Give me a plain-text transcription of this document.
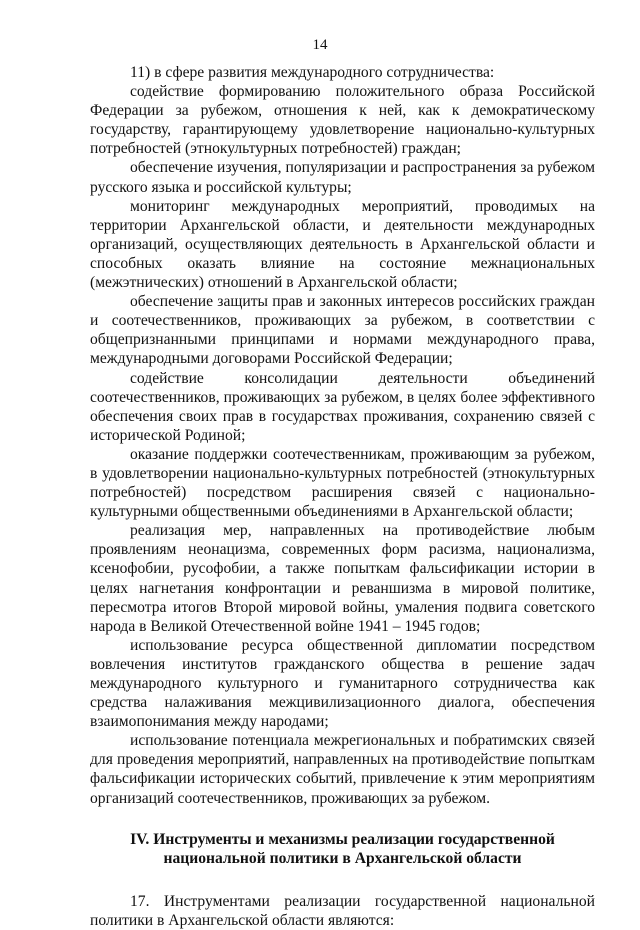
14

11) в сфере развития международного сотрудничества:

содействие формированию положительного образа Российской Федерации за рубежом, отношения к ней, как к демократическому государству, гарантирующему удовлетворение национально-культурных потребностей (этнокультурных потребностей) граждан;

обеспечение изучения, популяризации и распространения за рубежом русского языка и российской культуры;

мониторинг международных мероприятий, проводимых на территории Архангельской области, и деятельности международных организаций, осуществляющих деятельность в Архангельской области и способных оказать влияние на состояние межнациональных (межэтнических) отношений в Архангельской области;

обеспечение защиты прав и законных интересов российских граждан и соотечественников, проживающих за рубежом, в соответствии с общепризнанными принципами и нормами международного права, международными договорами Российской Федерации;

содействие консолидации деятельности объединений соотечественников, проживающих за рубежом, в целях более эффективного обеспечения своих прав в государствах проживания, сохранению связей с исторической Родиной;

оказание поддержки соотечественникам, проживающим за рубежом, в удовлетворении национально-культурных потребностей (этнокультурных потребностей) посредством расширения связей с национально-культурными общественными объединениями в Архангельской области;

реализация мер, направленных на противодействие любым проявлениям неонацизма, современных форм расизма, национализма, ксенофобии, русофобии, а также попыткам фальсификации истории в целях нагнетания конфронтации и реваншизма в мировой политике, пересмотра итогов Второй мировой войны, умаления подвига советского народа в Великой Отечественной войне 1941 – 1945 годов;

использование ресурса общественной дипломатии посредством вовлечения институтов гражданского общества в решение задач международного культурного и гуманитарного сотрудничества как средства налаживания межцивилизационного диалога, обеспечения взаимопонимания между народами;

использование потенциала межрегиональных и побратимских связей для проведения мероприятий, направленных на противодействие попыткам фальсификации исторических событий, привлечение к этим мероприятиям организаций соотечественников, проживающих за рубежом.

IV. Инструменты и механизмы реализации государственной национальной политики в Архангельской области

17. Инструментами реализации государственной национальной политики в Архангельской области являются:
